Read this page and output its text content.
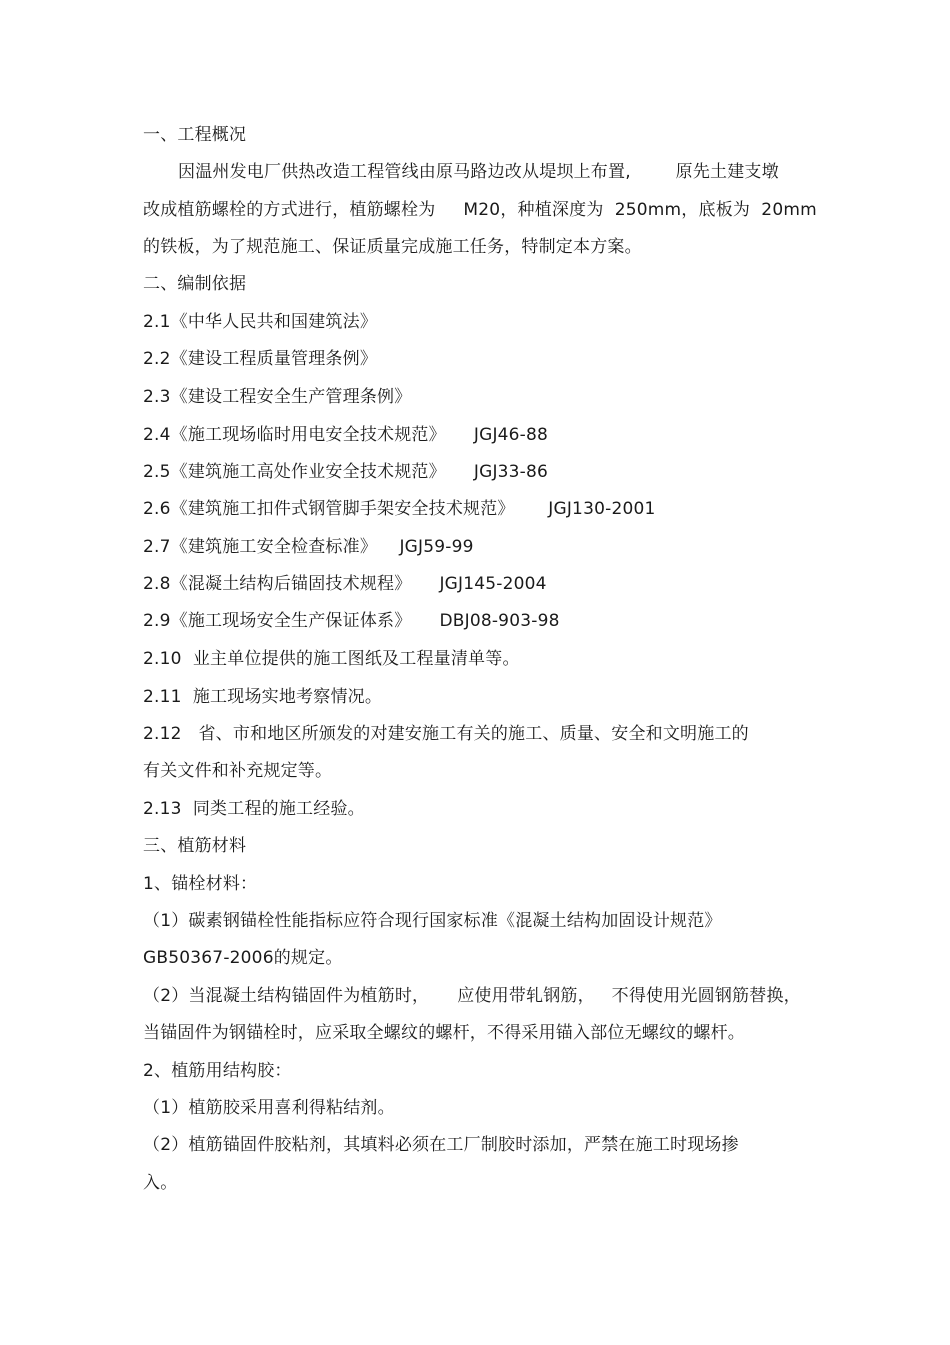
一、工程概况
因温州发电厂供热改造工程管线由原马路边改从堤坝上布置,        原先土建支墩
改成植筋螺栓的方式进行，植筋螺栓为     M20，种植深度为  250mm，底板为  20mm
的铁板，为了规范施工、保证质量完成施工任务，特制定本方案。
二、编制依据
2.1《中华人民共和国建筑法》
2.2《建设工程质量管理条例》
2.3《建设工程安全生产管理条例》
2.4《施工现场临时用电安全技术规范》     JGJ46-88
2.5《建筑施工高处作业安全技术规范》     JGJ33-86
2.6《建筑施工扣件式钢管脚手架安全技术规范》      JGJ130-2001
2.7《建筑施工安全检查标准》    JGJ59-99
2.8《混凝土结构后锚固技术规程》     JGJ145-2004
2.9《施工现场安全生产保证体系》     DBJ08-903-98
2.10  业主单位提供的施工图纸及工程量清单等。
2.11  施工现场实地考察情况。
2.12   省、市和地区所颁发的对建安施工有关的施工、质量、安全和文明施工的
有关文件和补充规定等。
2.13  同类工程的施工经验。
三、植筋材料
1、锚栓材料：
（1）碳素钢锚栓性能指标应符合现行国家标准《混凝土结构加固设计规范》
GB50367-2006的规定。
（2）当混凝土结构锚固件为植筋时，     应使用带轧钢筋，   不得使用光圆钢筋替换，
当锚固件为钢锚栓时，应采取全螺纹的螺杆，不得采用锚入部位无螺纹的螺杆。
2、植筋用结构胶：
（1）植筋胶采用喜利得粘结剂。
（2）植筋锚固件胶粘剂，其填料必须在工厂制胶时添加，严禁在施工时现场掺
入。
